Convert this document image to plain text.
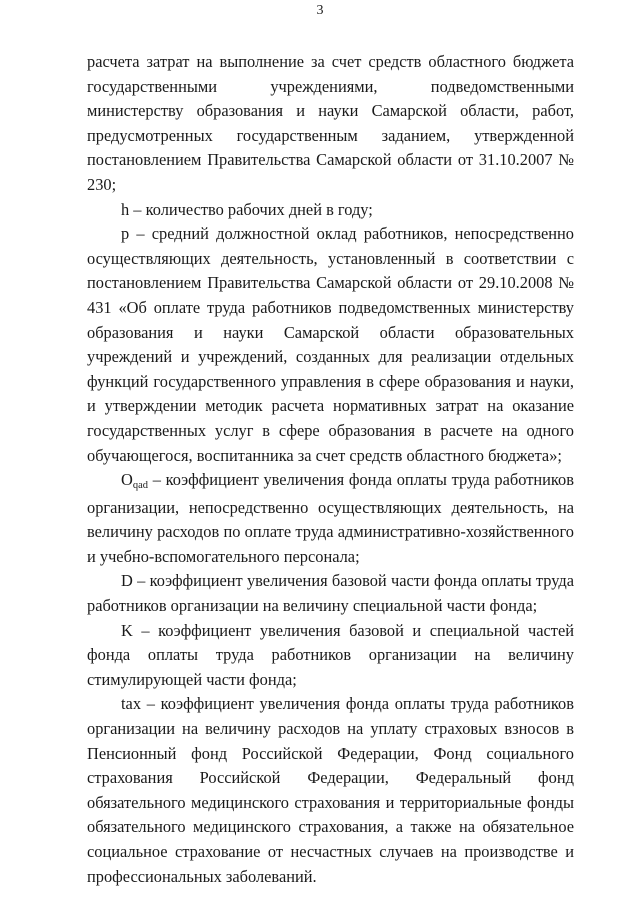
3

расчета затрат на выполнение за счет средств областного бюджета государственными учреждениями, подведомственными министерству образования и науки Самарской области, работ, предусмотренных государственным заданием, утвержденной постановлением Правительства Самарской области от 31.10.2007 № 230;

h – количество рабочих дней в году;

p – средний должностной оклад работников, непосредственно осуществляющих деятельность, установленный в соответствии с постановлением Правительства Самарской области от 29.10.2008 № 431 «Об оплате труда работников подведомственных министерству образования и науки Самарской области образовательных учреждений и учреждений, созданных для реализации отдельных функций государственного управления в сфере образования и науки, и утверждении методик расчета нормативных затрат на оказание государственных услуг в сфере образования в расчете на одного обучающегося, воспитанника за счет средств областного бюджета»;

Oqad – коэффициент увеличения фонда оплаты труда работников организации, непосредственно осуществляющих деятельность, на величину расходов по оплате труда административно-хозяйственного и учебно-вспомогательного персонала;

D – коэффициент увеличения базовой части фонда оплаты труда работников организации на величину специальной части фонда;

K – коэффициент увеличения базовой и специальной частей фонда оплаты труда работников организации на величину стимулирующей части фонда;

tax – коэффициент увеличения фонда оплаты труда работников организации на величину расходов на уплату страховых взносов в Пенсионный фонд Российской Федерации, Фонд социального страхования Российской Федерации, Федеральный фонд обязательного медицинского страхования и территориальные фонды обязательного медицинского страхования, а также на обязательное социальное страхование от несчастных случаев на производстве и профессиональных заболеваний.
